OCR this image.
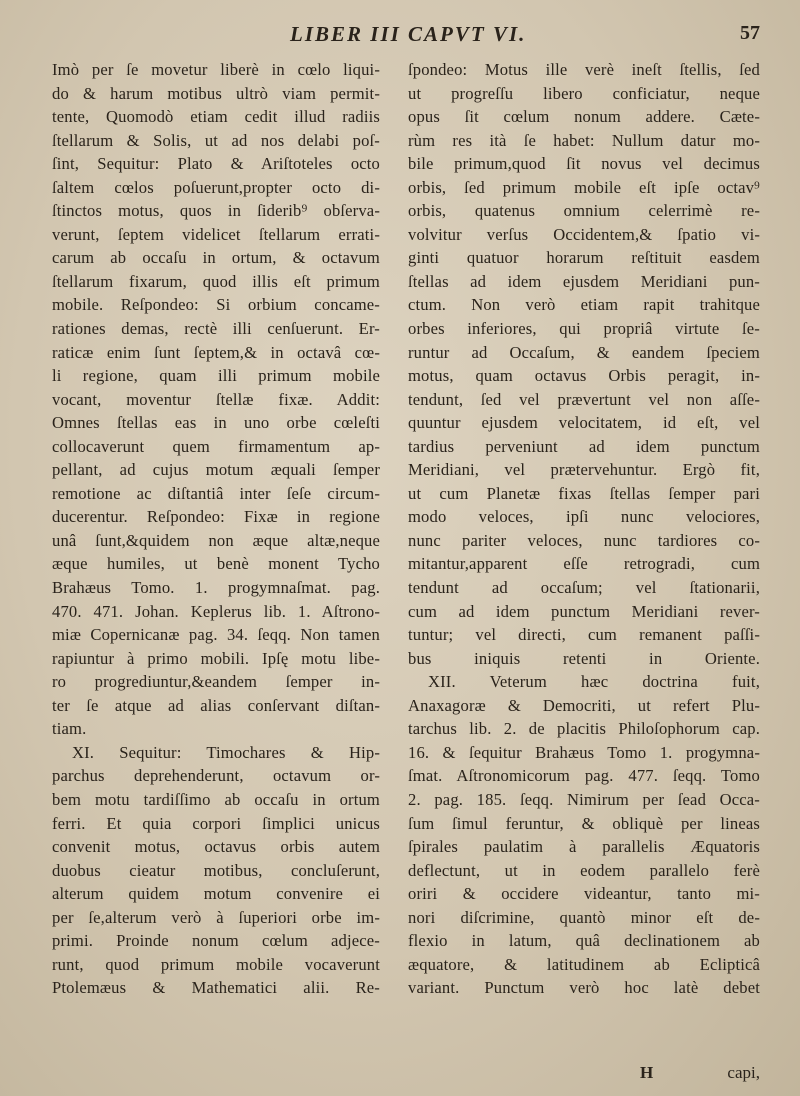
LIBER III CAPVT VI.	57
Imò per ſe movetur liberè in cœlo liqui-
do & harum motibus ultrò viam permit-
tente, Quomodò etiam cedit illud radiis
ſtellarum & Solis, ut ad nos delabi poſ-
ſint, Sequitur: Plato & Ariſtoteles octo
ſaltem cœlos poſuerunt,propter octo di-
ſtinctos motus, quos in ſiderib⁹ obſerva-
verunt, ſeptem videlicet ſtellarum errati-
carum ab occaſu in ortum, & octavum
ſtellarum fixarum, quod illis eſt primum
mobile. Reſpondeo: Si orbium concame-
rationes demas, rectè illi cenſuerunt. Er-
raticæ enim ſunt ſeptem,& in octavâ cœ-
li regione, quam illi primum mobile
vocant, moventur ſtellæ fixæ. Addit:
Omnes ſtellas eas in uno orbe cœleſti
collocaverunt quem firmamentum ap-
pellant, ad cujus motum æquali ſemper
remotione ac diſtantiâ inter ſeſe circum-
ducerentur. Reſpondeo: Fixæ in regione
unâ ſunt,&quidem non æque altæ,neque
æque humiles, ut benè monent Tycho
Brahæus Tomo. 1. progymnaſmat. pag.
470. 471. Johan. Keplerus lib. 1. Aſtrono-
miæ Copernicanæ pag. 34. ſeqq. Non tamen
rapiuntur à primo mobili. Ipſę motu libe-
ro progrediuntur,&eandem ſemper in-
ter ſe atque ad alias conſervant diſtan-
tiam.
XI. Sequitur: Timochares & Hip-
parchus deprehenderunt, octavum or-
bem motu tardiſſimo ab occaſu in ortum
ferri. Et quia corpori ſimplici unicus
convenit motus, octavus orbis autem
duobus cieatur motibus, concluſerunt,
alterum quidem motum convenire ei
per ſe,alterum verò à ſuperiori orbe im-
primi. Proinde nonum cœlum adjece-
runt, quod primum mobile vocaverunt
Ptolemæus & Mathematici alii. Re-
ſpondeo: Motus ille verè ineſt ſtellis, ſed
ut progreſſu libero conficiatur, neque
opus ſit cœlum nonum addere. Cæte-
rùm res ità ſe habet: Nullum datur mo-
bile primum,quod ſit novus vel decimus
orbis, ſed primum mobile eſt ipſe octav⁹
orbis, quatenus omnium celerrimè re-
volvitur verſus Occidentem,& ſpatio vi-
ginti quatuor horarum reſtituit easdem
ſtellas ad idem ejusdem Meridiani pun-
ctum. Non verò etiam rapit trahitque
orbes inferiores, qui propriâ virtute ſe-
runtur ad Occaſum, & eandem ſpeciem
motus, quam octavus Orbis peragit, in-
tendunt, ſed vel prævertunt vel non aſſe-
quuntur ejusdem velocitatem, id eſt, vel
tardius perveniunt ad idem punctum
Meridiani, vel prætervehuntur. Ergò fit,
ut cum Planetæ fixas ſtellas ſemper pari
modo veloces, ipſi nunc velociores,
nunc pariter veloces, nunc tardiores co-
mitantur,apparent eſſe retrogradi, cum
tendunt ad occaſum; vel ſtationarii,
cum ad idem punctum Meridiani rever-
tuntur; vel directi, cum remanent paſſi-
bus iniquis retenti in Oriente.
XII. Veterum hæc doctrina fuit,
Anaxagoræ & Democriti, ut refert Plu-
tarchus lib. 2. de placitis Philoſophorum cap.
16. & ſequitur Brahæus Tomo 1. progymna-
ſmat. Aſtronomicorum pag. 477. ſeqq. Tomo
2. pag. 185. ſeqq. Nimirum per ſead Occa-
ſum ſimul feruntur, & obliquè per lineas
ſpirales paulatim à parallelis Æquatoris
deflectunt, ut in eodem parallelo ferè
oriri & occidere videantur, tanto mi-
nori diſcrimine, quantò minor eſt de-
flexio in latum, quâ declinationem ab
æquatore, & latitudinem ab Eclipticâ
variant. Punctum verò hoc latè debet
H	capi,
